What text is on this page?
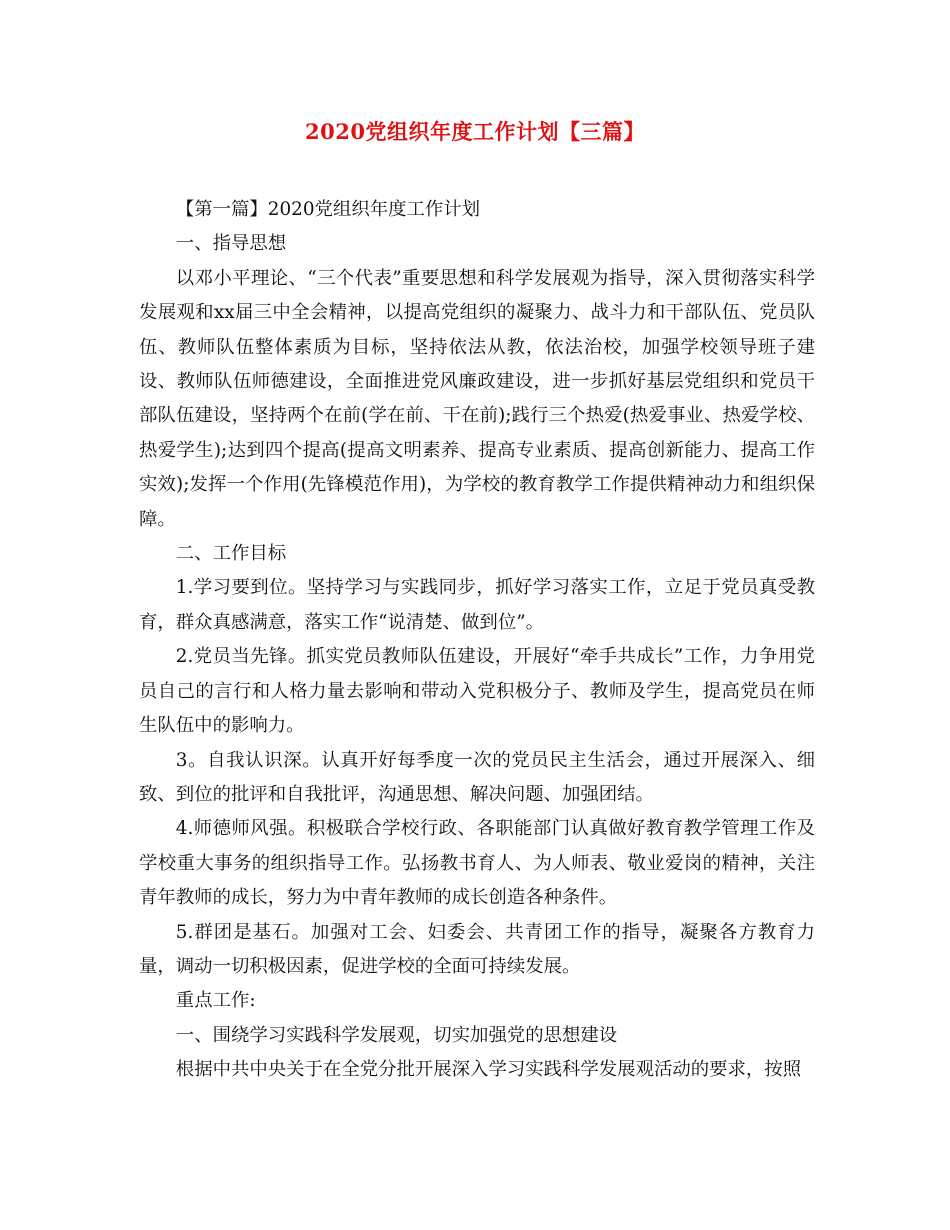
2020党组织年度工作计划【三篇】

【第一篇】2020党组织年度工作计划

一、指导思想

以邓小平理论、“三个代表”重要思想和科学发展观为指导，深入贯彻落实科学发展观和xx届三中全会精神，以提高党组织的凝聚力、战斗力和干部队伍、党员队伍、教师队伍整体素质为目标，坚持依法从教，依法治校，加强学校领导班子建设、教师队伍师德建设，全面推进党风廉政建设，进一步抓好基层党组织和党员干部队伍建设，坚持两个在前(学在前、干在前);践行三个热爱(热爱事业、热爱学校、热爱学生);达到四个提高(提高文明素养、提高专业素质、提高创新能力、提高工作实效);发挥一个作用(先锋模范作用)，为学校的教育教学工作提供精神动力和组织保障。

二、工作目标

1.学习要到位。坚持学习与实践同步，抓好学习落实工作，立足于党员真受教育，群众真感满意，落实工作“说清楚、做到位”。

2.党员当先锋。抓实党员教师队伍建设，开展好“牵手共成长”工作，力争用党员自己的言行和人格力量去影响和带动入党积极分子、教师及学生，提高党员在师生队伍中的影响力。

3。自我认识深。认真开好每季度一次的党员民主生活会，通过开展深入、细致、到位的批评和自我批评，沟通思想、解决问题、加强团结。

4.师德师风强。积极联合学校行政、各职能部门认真做好教育教学管理工作及学校重大事务的组织指导工作。弘扬教书育人、为人师表、敬业爱岗的精神，关注青年教师的成长，努力为中青年教师的成长创造各种条件。

5.群团是基石。加强对工会、妇委会、共青团工作的指导，凝聚各方教育力量，调动一切积极因素，促进学校的全面可持续发展。

重点工作:

一、围绕学习实践科学发展观，切实加强党的思想建设

根据中共中央关于在全党分批开展深入学习实践科学发展观活动的要求，按照
